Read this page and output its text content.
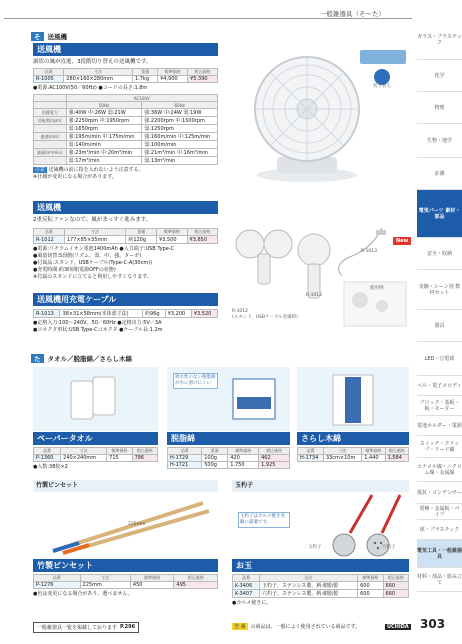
一般雑器具（そ～た）
そ	送風機
送風機
渦状の風が直進、3段階切り替えの送風機です。
品番	寸法	重量	標準価格	税込価格
R-1005	280×160×280mm	1.7kg	¥4,900	¥5,390
●電源:AC100V(50／60Hz) ●コードの長さ:1.8m
	AC100V	
	50Hz	60Hz
消費電力	強:40W 中:26W 弱:21W	強:36W 中:24W 弱:19W
回転数(rpm)	強:2250rpm 中:1950rpm	強:2200rpm 中:1500rpm
	弱:1650rpm	弱:1250rpm
風速(m/s)	強:195m/min 中:175m/min	強:160m/min 中:125m/min
	弱:140m/min	弱:100m/min
風量(m³/min)	強:23m³/min 中:20m³/min	強:21m³/min 中:16m³/min
	弱:17m³/min	弱:13m³/min
注意 送風機の前に指を入れないよう注意する。
※仕様が変更になる場合があります。
切り替え
送風機
2重反転ファンなので、風がまっすぐ進みます。
品番	寸法	重量	標準価格	税込価格
R-1012	177×85×35mm	約120g	¥3,500	¥3,850
●電源:リチウムイオン電池1400mAh ●入力端子:USB Type-C
●風量切替:5段階(リズム、弱、中、強、ターボ)
●付属品:スタンド、USBケーブル(Type-C-A(30cm))
●充電時間:約3時間(電源OFFの状態)
※付属のスタンドに立てると利用しやすくなります。
送風機用充電ケーブル
R-1013	38×31×58mm(本体部寸法)	約96g	¥3,200	¥3,520
●定格入力:100～240V、50／60Hz ●定格出力:5V／3A
●コネクタ形状:USB Type-Cコネクタ ●ケーブル長:1.2m
New
R-1013
R-1012
使用例
R-1012
(スタンド、USBケーブル者備時)
た	タオル／脱脂綿／さらし木綿
吸水性のない脱脂綿が水に溶けにくい
ペーパータオル
品番	寸法	標準価格	税込価格
P-1360	240×240mm	715	786
●入数:38枚×2
脱脂綿
品番	重量	標準価格	税込価格
H-1729	100g	420	462
H-1721	500g	1,750	1,925
さらし木綿
品番	寸法	標準価格	税込価格
H-1734	33cm×10m	1,440	1,584
竹製ピンセット
225mm
竹製ピンセット
品番	寸法	標準価格	税込価格
P-1276	225mm	450	495
●色は変更になる場合があり、選べません。
玉杓子
玉杓子はカルメ焼き実験に最適です。
玉杓子	穴杓子
お玉
品番	品名	標準価格	税込価格
K-3406	玉杓子、ステンレス製、柄:樹脂製	600	660
K-3407	穴杓子、ステンレス製、柄:樹脂製	600	660
●カルメ焼きに。
一般雑器具一覧を掲載しております P.296	型 番	の商品は、一般によく使用されている商品です。	UCHIDA 303
ガラス・プラスチック
化学
物理
生物・地学
計測
電気パーツ 素材・部品
安全・収納
実験・シーン別 数材セット
器具
LED・豆電球
ベル・電子メロディ
ブロック・基板・板・モーター
電池ホルダー・電源
スイッチ・クリップ・リード線
エナメル線・ニクロム線・金属線
抵抗・コンデンサー
電極・金属板・パイプ
球・プラスチック
電気工具・一般雑器具
材料・部品・組み立て
